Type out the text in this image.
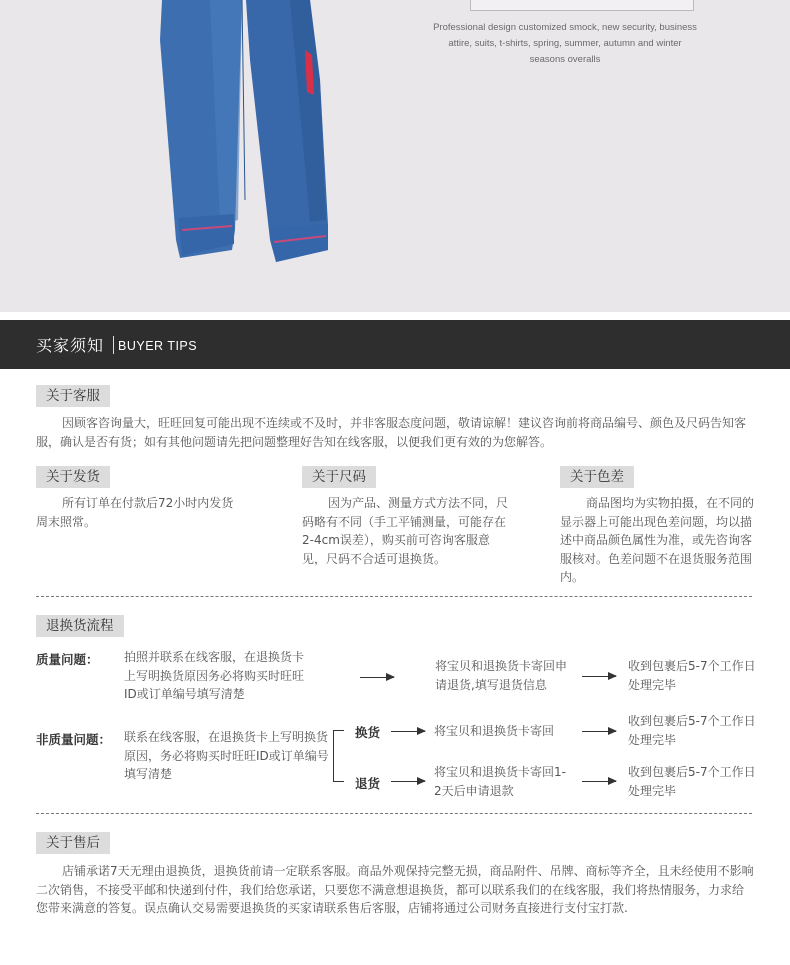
Professional design customized smock, new security, business attire, suits, t-shirts, spring, summer, autumn and winter seasons overalls
买家须知 BUYER TIPS
关于客服
因顾客咨询量大，旺旺回复可能出现不连续或不及时，并非客服态度问题，敬请谅解！建议咨询前将商品编号、颜色及尺码告知客服，确认是否有货；如有其他问题请先把问题整理好告知在线客服，以便我们更有效的为您解答。
关于发货
所有订单在付款后72小时内发货周末照常。
关于尺码
因为产品、测量方式方法不同，尺码略有不同（手工平铺测量，可能存在2-4cm误差），购买前可咨询客服意见，尺码不合适可退换货。
关于色差
商品图均为实物拍摄，在不同的显示器上可能出现色差问题，均以描述中商品颜色属性为准，或先咨询客服核对。色差问题不在退货服务范围内。
退换货流程
质量问题： 拍照并联系在线客服，在退换货卡上写明换货原因务必将购买时旺旺ID或订单编号填写清楚
将宝贝和退换货卡寄回申请退货,填写退货信息
收到包裹后5-7个工作日处理完毕
非质量问题： 联系在线客服，在退换货卡上写明换货原因，务必将购买时旺旺ID或订单编号填写清楚
换货	将宝贝和退换货卡寄回
收到包裹后5-7个工作日处理完毕
退货
将宝贝和退换货卡寄回1-2天后申请退款
收到包裹后5-7个工作日处理完毕
关于售后
店铺承诺7天无理由退换货，退换货前请一定联系客服。商品外观保持完整无损，商品附件、吊牌、商标等齐全，且未经使用不影响二次销售，不接受平邮和快递到付件，我们给您承诺，只要您不满意想退换货，都可以联系我们的在线客服，我们将热情服务，力求给您带来满意的答复。误点确认交易需要退换货的买家请联系售后客服，店铺将通过公司财务直接进行支付宝打款.
